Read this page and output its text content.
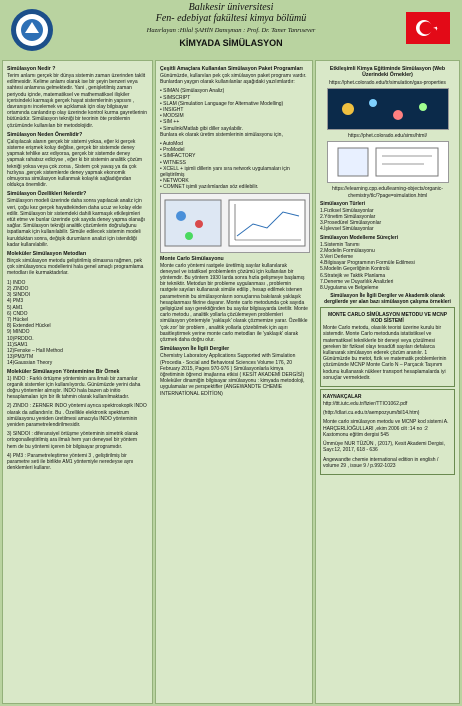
Balıkesir üniversitesi
Fen- edebiyat fakültesi kimya bölümü
Hazırlayan :Hilal ŞAHİN Danışman : Prof. Dr. Taner Tanrısever
KİMYADA SİMÜLASYON
Simülasyon Nedir ?
Terim anlamı gerçek bir dünya sistemin zaman üzerinden taklit edilmesidir. Kelime anlamı olarak ise bir şeyin benzeri veya sahtesi anlamına gelmektedir. Yani , genişletilmiş zaman periyodu içinde, matematiksel ve mathematiksel ilişkiler içerisindeki karmaşık gerçek hayat sistemlerinin yapısını , davranışını incelemek ve açıklamak için olay bilgisayar ortamında canlandırıp olay üzerinde kontrol kurma gayretlerinin bütünüdür. Simülasyon tekniği bir teorinin öte problemin çözümünde kullanılan bir metodolojidir.
Simülasyon Neden Önemlidir?
Çalışılacak alanın gerçek bir sistemi yoksa, eğer ki gerçek sisteme erişmek koluy değilse, gerçek bir sistemde deney yapmak tehlike arz ediyorsa, gerçek bir sistemde deney yapmak rahatsız ediciyse , eğer ki bir sistemin analitik çözüm tekniği yoksa veya çok zorsa , Sistem çok yavaş ya da çok hızlıysa ,gerçek sistemlerde deney yapmak ekonomik olmuyorsa simülasyon kullanmak kolaylık sağladığından oldukça önemlidir.
Simülasyon Özellikleri Nelerdir?
Simülasyon modeli üzerinde daha sonra yapılacak analiz için veri, çoğu kez gerçek hayattekinden daha ucuz ve kolay elde edilir. Simülasyon bir sistemdeki dahili karmaşık etkileşimleri etüt etme ve bunlar üzerinde çok sayıda deney yapma olanağı sağlar. Simülasyon tekniği analitik çözümlerin doğruluğunu ispatlamak için kullanılabilir. Simüle edilecek sistemin modeli kurulduktan sonra, değişik durumların analizi için istenildiği kadar kullanılabilir.
Moleküler Simülasyon Metodları
Birçok simülasyon metodu geliştirilmiş olmasına rağmen, pek çok simülasyoncu modellerini hala genel amaçlı programlama metodları ile kurmaktadırlar.
1) INDO
2) ZINDO
3) SINDOI
4) PM3
5) AM1
6) CNDO
7) Hückel
8) Extended Hückel
9) MINDO
10)PRDDO.
11)SAM1
12)Fenske – Hall Method
13)PM3/TM
14)Gaussian Theory
Moleküler Simülasyon Yönteminine Bir Örnek
1) INDO : Farklı örtüşme yönteminin ara ilmalı bir zamanlar organik sistemler için kullanılıyordu. Günümüzde yerini daha doğru yöntemler almıştır. INDO hala bazen ab initio hesaplamaları için bir ilk tahmin olarak kullanılmaktadır.
2) ZINDO : ZERNER INDO yöntemi ayrıca spektroskopik INDO olarak da adlandırılır. Bu . Özellikle elektronik spektrum simülasyonu yeniden üretilmesi amacıyla INDO yönteminin yeniden parametrelendirilmesidir.
3) SINDOI : diferansiyel örtüşme yönteminin simetrik olarak ortogonalleştirilmiş ara ilmalı hem yarı deneysel bir yöntem hem de bu yöntemi içeren bir bilgisayar programıdır.
4) PM3 : Parametreleştirme yöntemi 3 , geliştirilmiş bir parametre seti ile birlikte AM1 yöntemiyle neredeyse aynı denklemleri kullanır.
Çeşitli Amaçlara Kullanılan Simülasyon Paket Programları
Günümüzde, kullanılan pek çok simülasyon paket programı vardır. Bunlardan yaygın olarak kullanılanlar aşağıdaki yazılımlardır:
• SIMAN (Simülasyon Analiz)
• SIMSCRIPT
• SLAM (Simulation Language for Alternative Modelling)
• INSIGHT
• MODSIM
• SIM ++
• Simulink/Matlab gibi diller sayılabilir.
Bunlara ek olarak üretim sistemlerinin simülasyonu için,
• AutoMod
• ProModel
• SIMFACTORY
• WITNESS
• XCELL + işimli dillerin yanı sıra network uygulamaları için geliştirilmiş
• NETWORK
• COMNET işimli yazılımlardan söz edilebilir.
Monte Carlo Simülasyonu
Monte carlo yöntemi rastgele üretilmiş sayılar kullanılarak deneysel ve istatiksel problemlerin çözümü için kullanılan bir yöntemdir. Bu yöntem 1930 larda sonra hızla gelişmeye başlamış bir tekniktir. Metodun bir probleme uygulanması , problemin rastgele sayıları kullanarak simüle edilip , hesap edilmek istenen parametrenin bu simülasyonların sonuçlarına bakılarak yaklaşık hesaplanması fikrine dayanır. Monte carlo metodunda çok sayıda gelişigüzel sayı gerektiğinden bu sayılar bilgisayarda üretilir. Monte carlo metodu , analitik yollarla çözülemeyen problemleri simülasyon yöntemiyle 'yaklaşık' olarak çözmemize yarar. Özellikle 'çok zor' bir problem , analitik yollarla çözebilmek için aşırı basitleştirmek yerine monte carlo metodları ile 'yaklaşık' olarak çözmek daha doğru olur.
Simülasyon İle İlgili Dergiler
Chemistry Laboratory Applications Supported with Simulation (Procedia - Social and Behavioral Sciences Volume 176, 20 February 2015, Pages 970-976 ) Simülasyonlarla kimya öğretiminin öğrenci imajlarına etkisi ( KESİT AKADEMİ DERGİSİ) Moleküler dinamiğin bilgisayar simülasyonu : kimyada metodoloji, uygulamalar ve perspektifler (ANGEWANDTE CHEMIE INTERNATİONAL EDİTİON)
Etkileşimli Kimya Eğitiminde Simülasyon (Web Üzerindeki Örnekler)
https://phet.colorado.edu/tr/simulation/gas-properties
https://phet.colorado.edu/sims/html/
https://elearning.cpp.edu/learning-objects/organic-chemistry/tlc/?page=simulation.html
Simülasyon Türleri
1.Fiziksel Simülasyonlar
2.Yönetim Simülasyonlar
3.Prosedürel Simülasyonlar
4.İşlevsel Simülasyonlar
Simülasyon Modelleme Süreçleri
1.Sistemin Tanımı
2.Modelin Formülasyonu
3.Veri Derleme
4.Bilgisayar Programının Formüle Edilmesi
5.Modelin Geçerliğinin Kontrolü
6.Stratejik ve Taktik Planlama
7.Deneme ve Duyarlılık Analizleri
8.Uygulama ve Belgeleme
Simülasyon İle İlgili Dergiler ve Akademik olarak dergilerde yer alan bazı simülasyon çalışma örnekleri
MONTE CARLO SİMÜLASYON METODU VE MCNP KOD SİSTEMİ
Monte Carlo metodu, olasılık teorisi üzerine kurulu bir sistemdir. Monte Carlo metodunda istatistiksel ve matematiksel tekniklerle bir deneyi veya çözülmesi gereken bir fiziksel olayı tesadüfi sayıları defalarca kullanarak simülasyon ederek çözüm aranılır. 1 Günümüzde bu metot, fizik ve matematik problemlerinin çözümünde MCNP Monte Carlo N – Parçacık Taşınım kodunu kullanarak nükleer transport hesaplamalarda iyi sonuçlar vermektedir.
KAYNAKÇALAR
http://ttt.iutc.edu.tr/fizier/TTIO1062.pdf
(http://dlari.cu.edu.tr/aempozyum/bil14.htm)
Monte carlo simülasyon metodu ve MCNP kod sistemi A. HARÇERLİOĞULLARI ,ekim 2006 cilt :14 no :2 Kastomonu eğitim dergisi 545
Ümmüye NUR TÜZÜN , (2017), Kesit Akademi Dergisi, Sayı:12, 2017, 618 - 636
Angewandte chemie international edition in english / volume 29 , issue 9 / p.992-1023
